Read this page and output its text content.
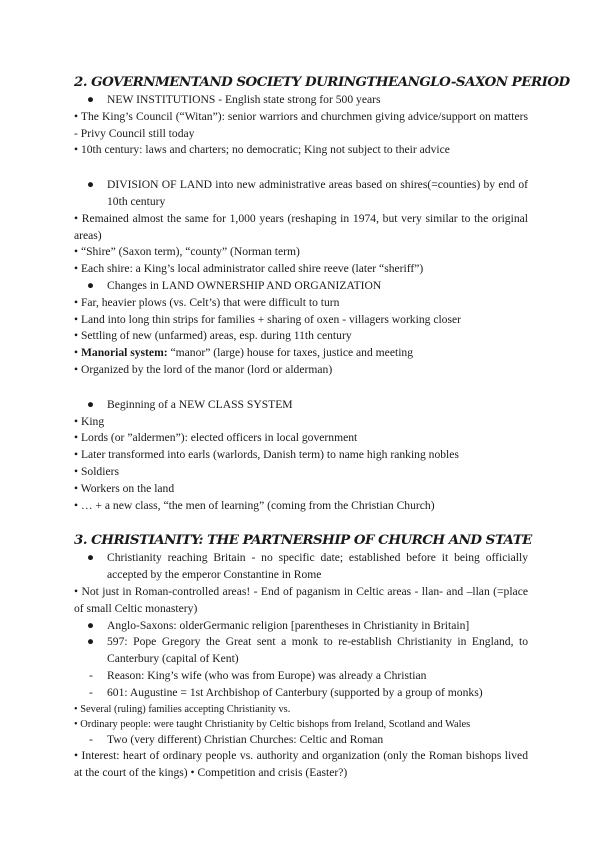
2. GOVERNMENTAND SOCIETY DURINGTHEANGLO-SAXON PERIOD

● NEW INSTITUTIONS - English state strong for 500 years

• The King’s Council (“Witan”): senior warriors and churchmen giving advice/support on matters - Privy Council still today

• 10th century: laws and charters; no democratic; King not subject to their advice

● DIVISION OF LAND into new administrative areas based on shires(=counties) by end of 10th century

• Remained almost the same for 1,000 years (reshaping in 1974, but very similar to the original areas)

• “Shire” (Saxon term), “county” (Norman term)

• Each shire: a King’s local administrator called shire reeve (later “sheriff”)

● Changes in LAND OWNERSHIP AND ORGANIZATION

• Far, heavier plows (vs. Celt’s) that were difficult to turn

• Land into long thin strips for families + sharing of oxen - villagers working closer

• Settling of new (unfarmed) areas, esp. during 11th century

• Manorial system: “manor” (large) house for taxes, justice and meeting

• Organized by the lord of the manor (lord or alderman)

● Beginning of a NEW CLASS SYSTEM

• King

• Lords (or ”aldermen”): elected officers in local government

• Later transformed into earls (warlords, Danish term) to name high ranking nobles

• Soldiers

• Workers on the land

• … + a new class, “the men of learning” (coming from the Christian Church)

3. CHRISTIANITY: THE PARTNERSHIP OF CHURCH AND STATE

● Christianity reaching Britain - no specific date; established before it being officially accepted by the emperor Constantine in Rome

• Not just in Roman-controlled areas! - End of paganism in Celtic areas - llan- and –llan (=place of small Celtic monastery)

● Anglo-Saxons: olderGermanic religion [parentheses in Christianity in Britain]

● 597: Pope Gregory the Great sent a monk to re-establish Christianity in England, to Canterbury (capital of Kent)

- Reason: King’s wife (who was from Europe) was already a Christian

- 601: Augustine = 1st Archbishop of Canterbury (supported by a group of monks)

• Several (ruling) families accepting Christianity vs.

• Ordinary people: were taught Christianity by Celtic bishops from Ireland, Scotland and Wales

- Two (very different) Christian Churches: Celtic and Roman

• Interest: heart of ordinary people vs. authority and organization (only the Roman bishops lived at the court of the kings) • Competition and crisis (Easter?)
